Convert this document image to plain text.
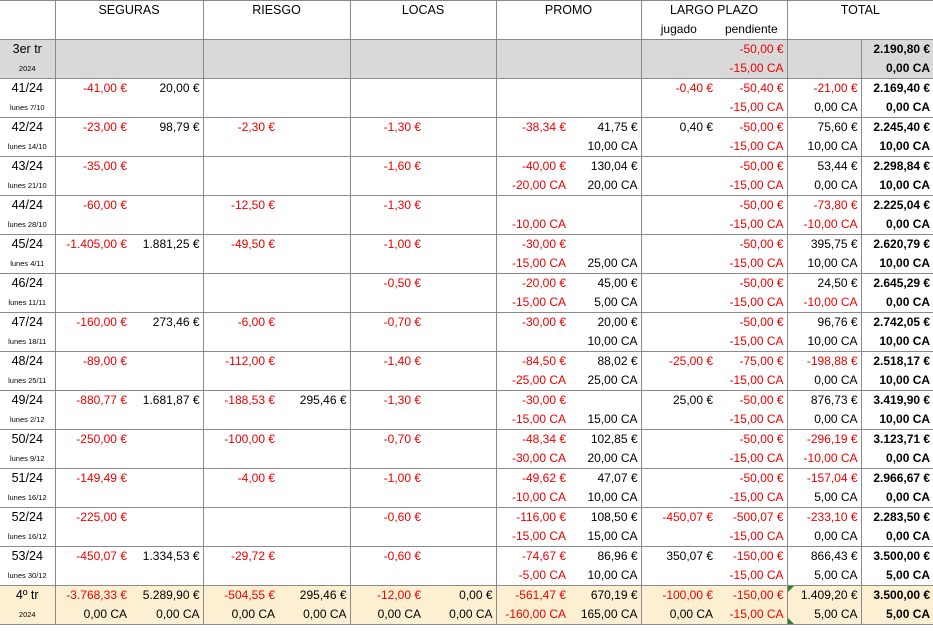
	SEGURAS		RIESGO		LOCAS		PROMO		LARGO PLAZO		TOTAL	
									jugado	pendiente		
3er tr										-50,00 €		2.190,80 €
2024										-15,00 CA		0,00 CA
41/24	-41,00 €	20,00 €							-0,40 €	-50,40 €	-21,00 €	2.169,40 €
lunes 7/10										-15,00 CA	0,00 CA	0,00 CA
42/24	-23,00 €	98,79 €	-2,30 €		-1,30 €		-38,34 €	41,75 €	0,40 €	-50,00 €	75,60 €	2.245,40 €
lunes 14/10								10,00 CA		-15,00 CA	10,00 CA	10,00 CA
43/24	-35,00 €				-1,60 €		-40,00 €	130,04 €		-50,00 €	53,44 €	2.298,84 €
lunes 21/10							-20,00 CA	20,00 CA		-15,00 CA	0,00 CA	10,00 CA
44/24	-60,00 €		-12,50 €		-1,30 €					-50,00 €	-73,80 €	2.225,04 €
lunes 28/10							-10,00 CA			-15,00 CA	-10,00 CA	0,00 CA
45/24	-1.405,00 €	1.881,25 €	-49,50 €		-1,00 €		-30,00 €			-50,00 €	395,75 €	2.620,79 €
lunes 4/11							-15,00 CA	25,00 CA		-15,00 CA	10,00 CA	10,00 CA
46/24					-0,50 €		-20,00 €	45,00 €		-50,00 €	24,50 €	2.645,29 €
lunes 11/11							-15,00 CA	5,00 CA		-15,00 CA	-10,00 CA	0,00 CA
47/24	-160,00 €	273,46 €	-6,00 €		-0,70 €		-30,00 €	20,00 €		-50,00 €	96,76 €	2.742,05 €
lunes 18/11								10,00 CA		-15,00 CA	10,00 CA	10,00 CA
48/24	-89,00 €		-112,00 €		-1,40 €		-84,50 €	88,02 €	-25,00 €	-75,00 €	-198,88 €	2.518,17 €
lunes 25/11							-25,00 CA	25,00 CA		-15,00 CA	0,00 CA	10,00 CA
49/24	-880,77 €	1.681,87 €	-188,53 €	295,46 €	-1,30 €		-30,00 €		25,00 €	-50,00 €	876,73 €	3.419,90 €
lunes 2/12							-15,00 CA	15,00 CA		-15,00 CA	0,00 CA	10,00 CA
50/24	-250,00 €		-100,00 €		-0,70 €		-48,34 €	102,85 €		-50,00 €	-296,19 €	3.123,71 €
lunes 9/12							-30,00 CA	20,00 CA		-15,00 CA	-10,00 CA	0,00 CA
51/24	-149,49 €		-4,00 €		-1,00 €		-49,62 €	47,07 €		-50,00 €	-157,04 €	2.966,67 €
lunes 16/12							-10,00 CA	10,00 CA		-15,00 CA	5,00 CA	0,00 CA
52/24	-225,00 €				-0,60 €		-116,00 €	108,50 €	-450,07 €	-500,07 €	-233,10 €	2.283,50 €
lunes 16/12							-15,00 CA	15,00 CA		-15,00 CA	0,00 CA	0,00 CA
53/24	-450,07 €	1.334,53 €	-29,72 €		-0,60 €		-74,67 €	86,96 €	350,07 €	-150,00 €	866,43 €	3.500,00 €
lunes 30/12							-5,00 CA	10,00 CA		-15,00 CA	5,00 CA	5,00 CA
4º tr	-3.768,33 €	5.289,90 €	-504,55 €	295,46 €	-12,00 €	0,00 €	-561,47 €	670,19 €	-100,00 €	-150,00 €	1.409,20 €	3.500,00 €
2024	0,00 CA	0,00 CA	0,00 CA	0,00 CA	0,00 CA	0,00 CA	-160,00 CA	165,00 CA	0,00 CA	-15,00 CA	5,00 CA	5,00 CA
